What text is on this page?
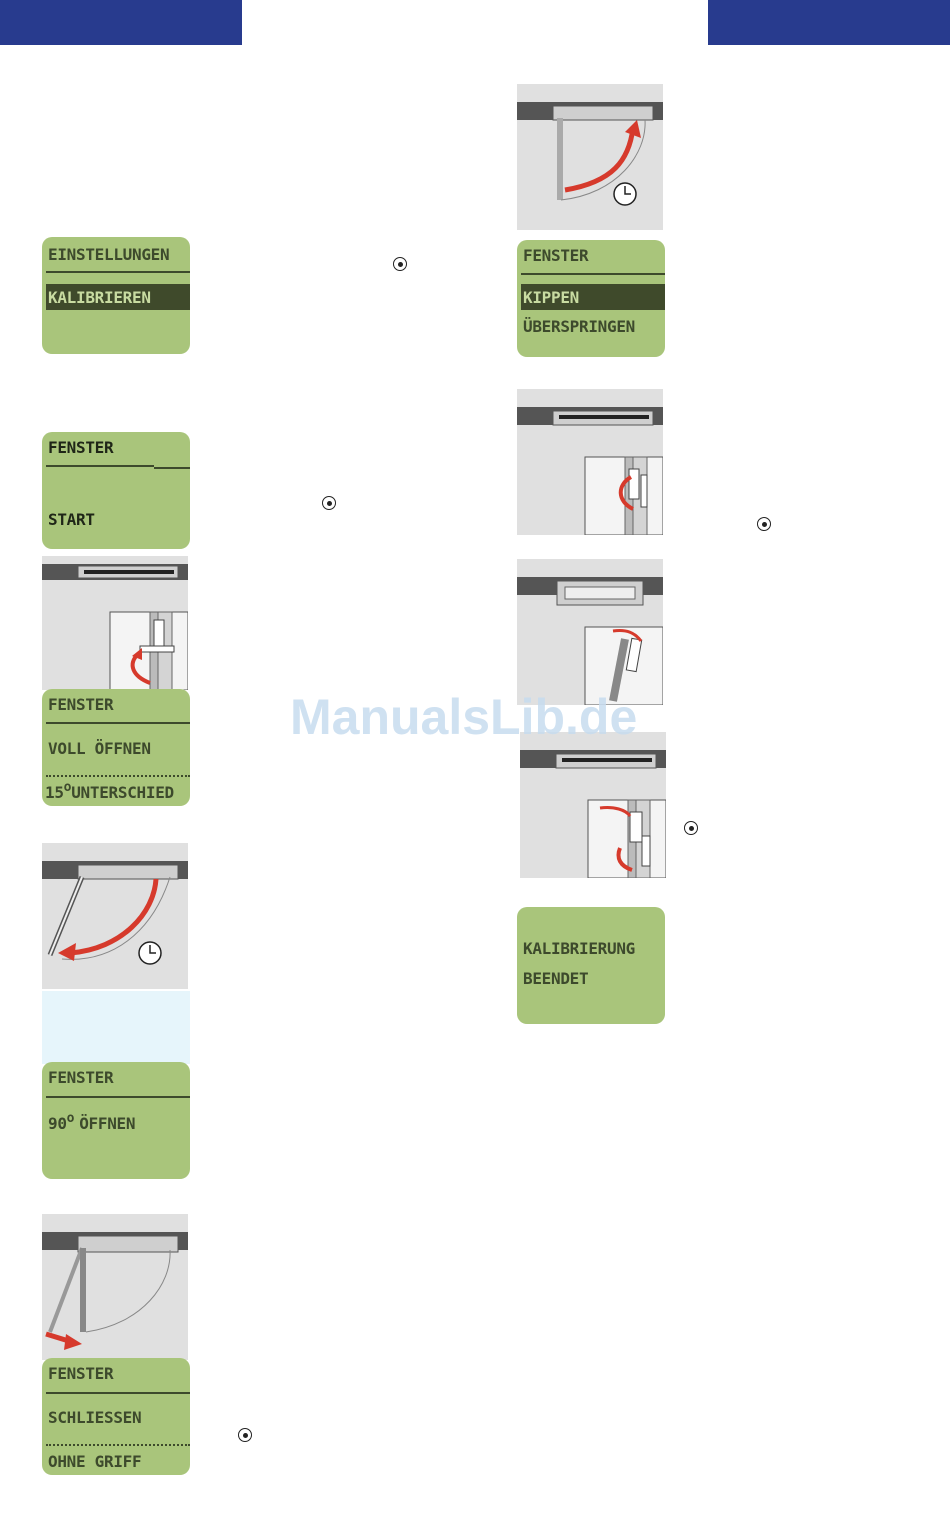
EINSTELLUNGEN
KALIBRIEREN
FENSTER
START
FENSTER
VOLL ÖFFNEN
15$^o$UNTERSCHIED
FENSTER
90$^o$ ÖFFNEN
FENSTER
SCHLIESSEN
OHNE GRIFF
FENSTER
KIPPEN
ÜBERSPRINGEN
KALIBRIERUNG
BEENDET
ManualsLib.de
